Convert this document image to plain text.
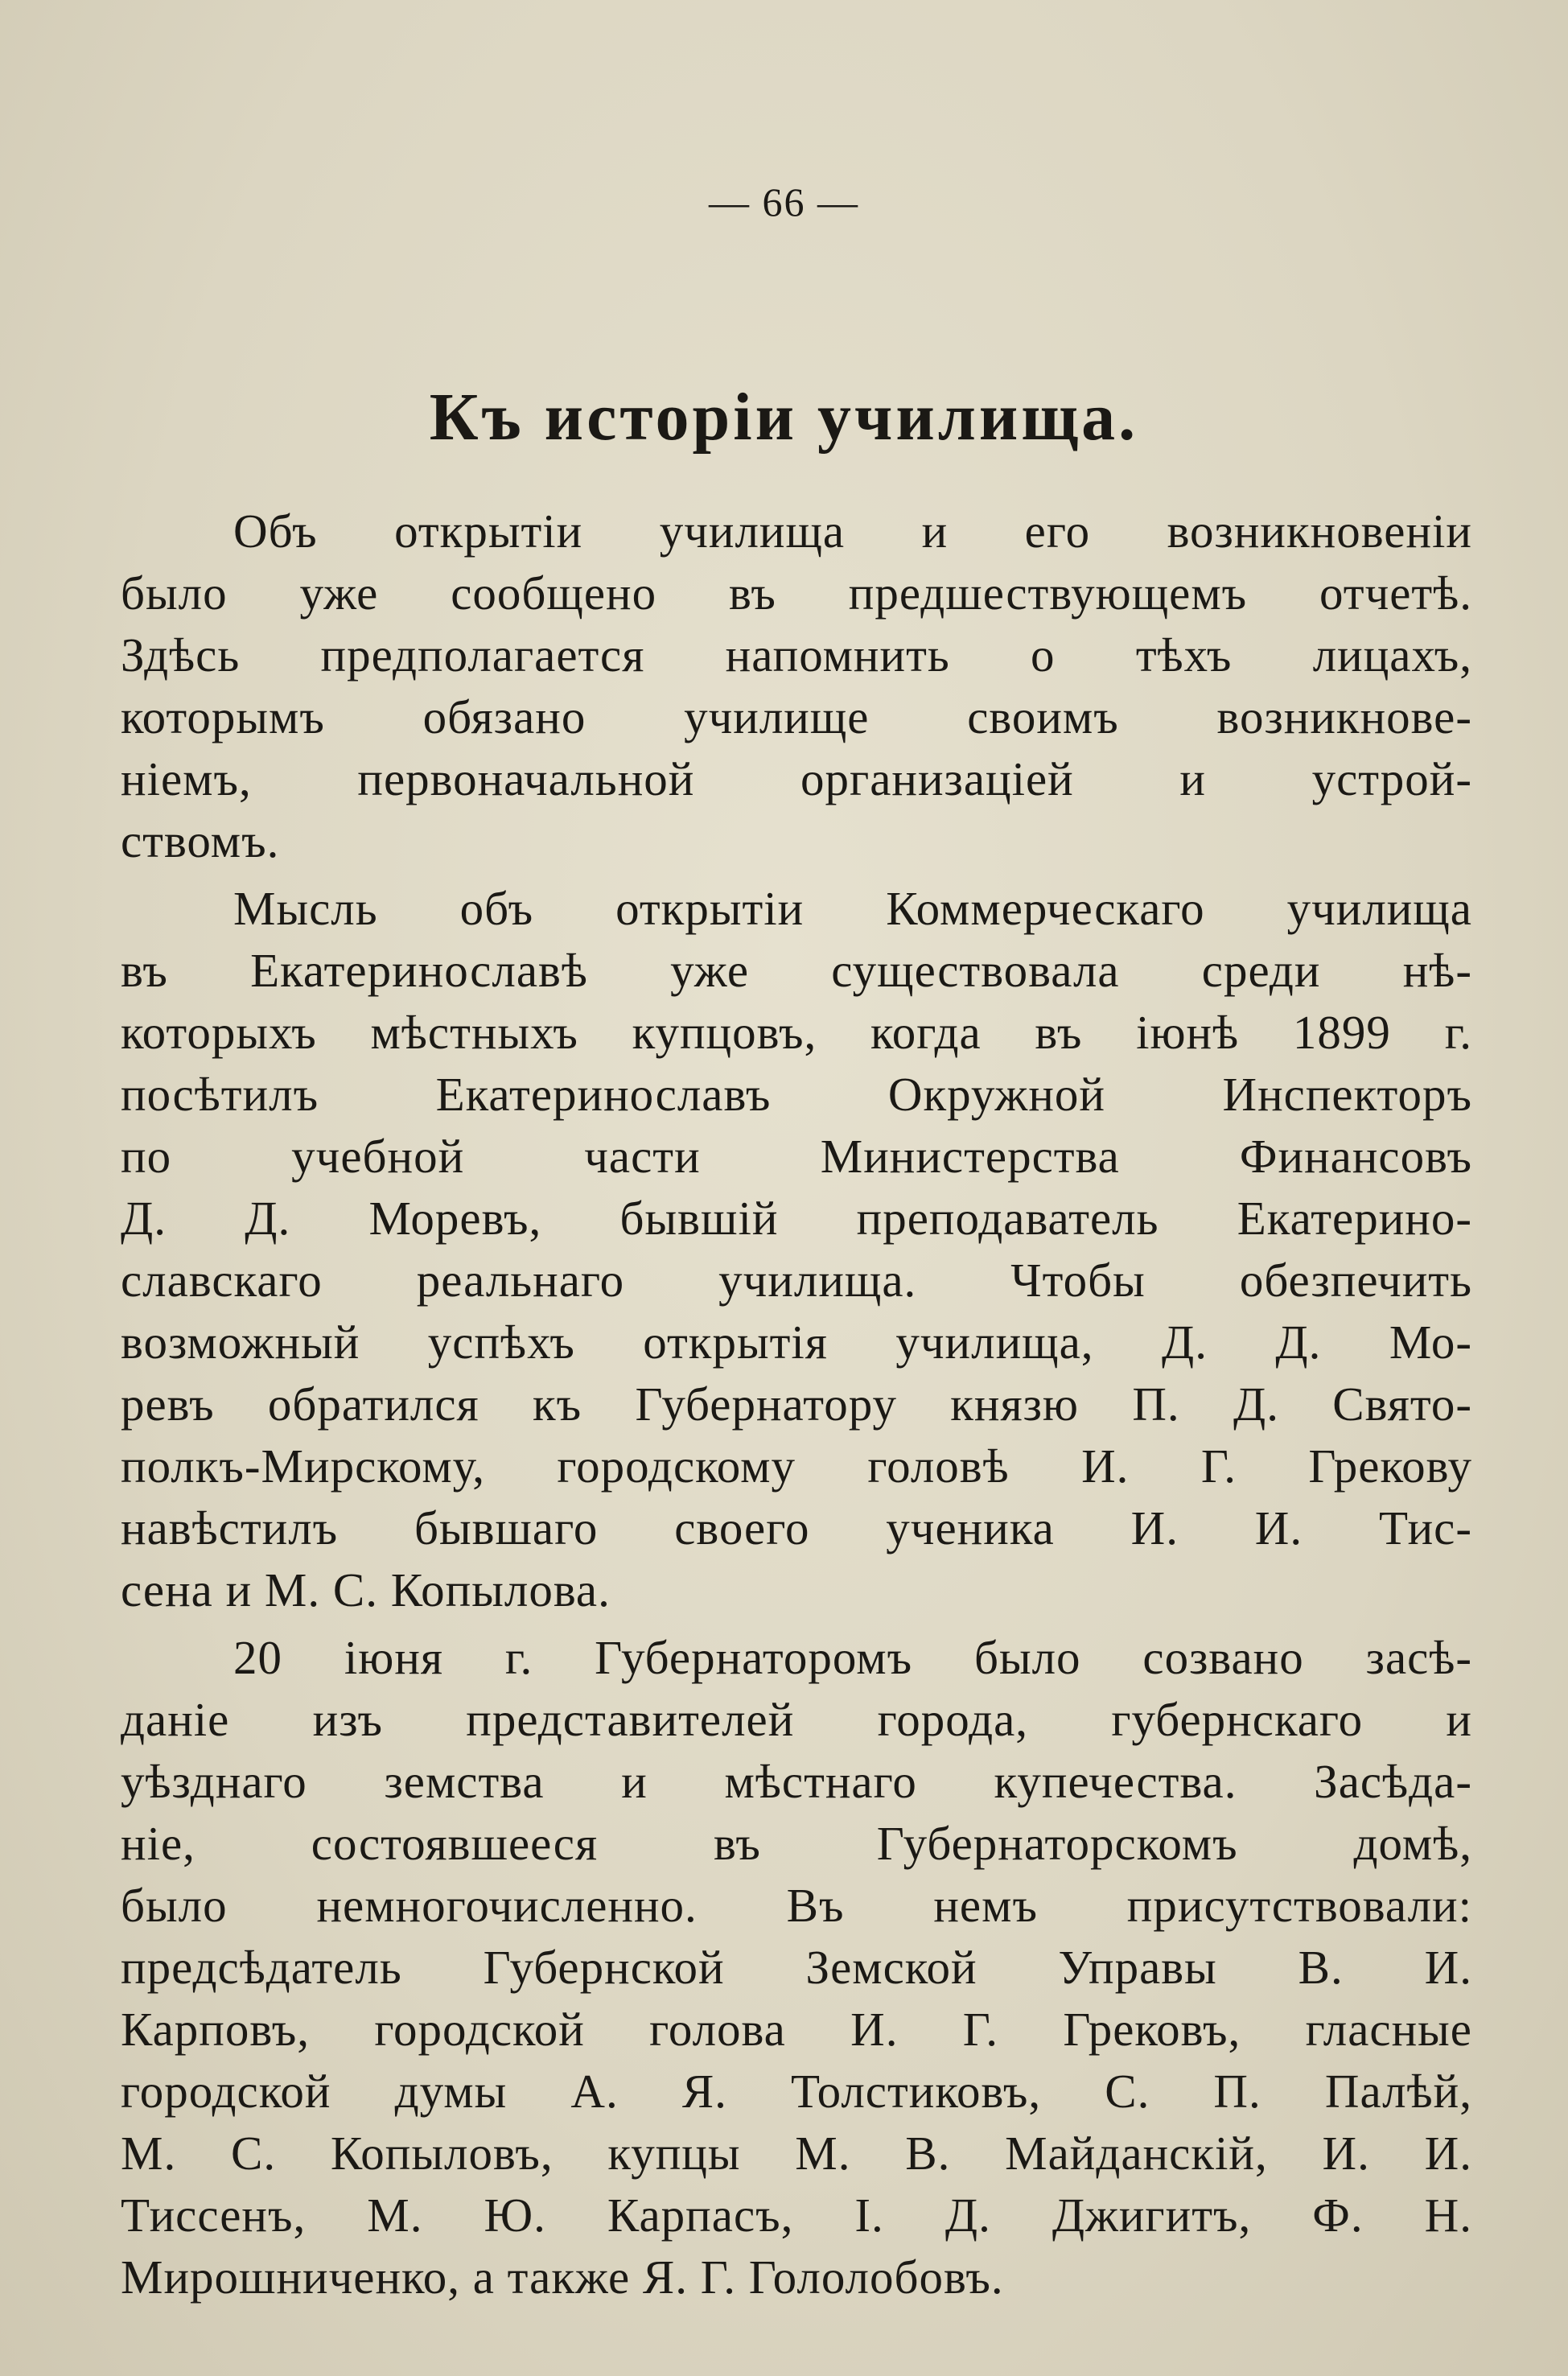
— 66 —
Къ исторіи училища.
Объ открытіи училища и его возникновеніи
было уже сообщено въ предшествующемъ отчетѣ.
Здѣсь предполагается напомнить о тѣхъ лицахъ,
которымъ обязано училище своимъ возникнове-
ніемъ, первоначальной организацiей и устрой-
ствомъ.
Мысль объ открытіи Коммерческаго училища
въ Екатеринославѣ уже существовала среди нѣ-
которыхъ мѣстныхъ купцовъ, когда въ іюнѣ 1899 г.
посѣтилъ Екатеринославъ Окружной Инспекторъ
по учебной части Министерства Финансовъ
Д. Д. Моревъ, бывшій преподаватель Екатерино-
славскаго реальнаго училища. Чтобы обезпечить
возможный успѣхъ открытія училища, Д. Д. Мо-
ревъ обратился къ Губернатору князю П. Д. Свято-
полкъ-Мирскому, городскому головѣ И. Г. Грекову
навѣстилъ бывшаго своего ученика И. И. Тис-
сена и М. С. Копылова.
20 іюня г. Губернаторомъ было созвано засѣ-
даніе изъ представителей города, губернскаго и
уѣзднаго земства и мѣстнаго купечества. Засѣда-
ніе, состоявшееся въ Губернаторскомъ домѣ,
было немногочисленно. Въ немъ присутствовали:
предсѣдатель Губернской Земской Управы В. И.
Карповъ, городской голова И. Г. Грековъ, гласные
городской думы А. Я. Толстиковъ, С. П. Палѣй,
М. С. Копыловъ, купцы М. В. Майданскій, И. И.
Тиссенъ, М. Ю. Карпасъ, І. Д. Джигитъ, Ф. Н.
Мирошниченко, а также Я. Г. Гололобовъ.
